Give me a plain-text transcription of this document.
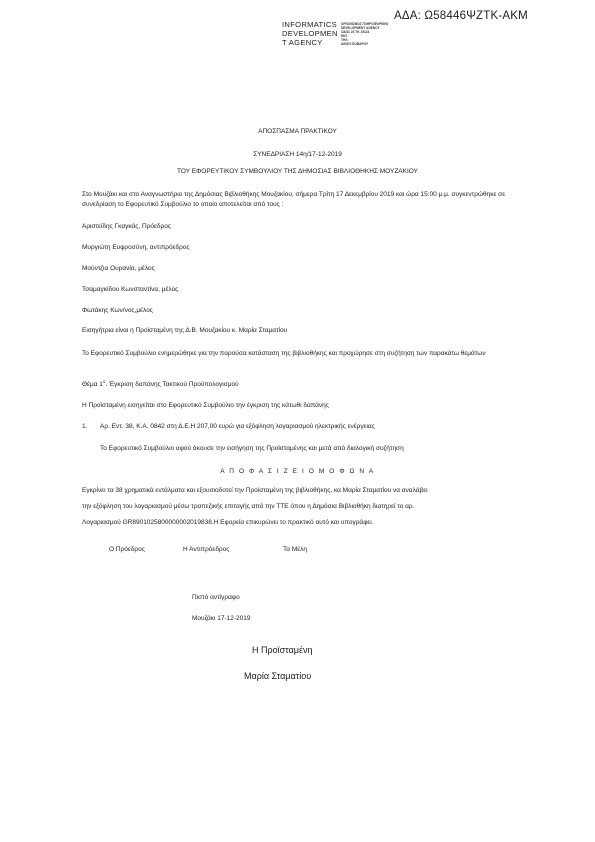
ΑΔΑ: Ω58446ΨΖΤΚ-ΑΚΜ
INFORMATICS
DEVELOPMEN
T AGENCY
ΟΡΓΑΝΙΣΜΟΣ ΠΛΗΡΟΦΟΡΙΚΗΣ
DEVELOPMENT AGENCY
ΟΔΟΣ 23 ΤΚ 15123
ΕΚΣ
ΤΗΛ:
Δ/ΝΣΗ ΙΣΟΒΑΡΟΥ
ΑΠΟΣΠΑΣΜΑ ΠΡΑΚΤΙΚΟΥ
ΣΥΝΕΔΡΙΑΣΗ 14η/17-12-2019
ΤΟΥ ΕΦΟΡΕΥΤΙΚΟΥ ΣΥΜΒΟΥΛΙΟΥ ΤΗΣ ΔΗΜΟΣΙΑΣ ΒΙΒΛΙΟΘΗΚΗΣ ΜΟΥΖΑΚΙΟΥ
Στο Μουζάκι και στο Αναγνωστήριο της Δημόσιας Βιβλιοθήκης Μουζακίου, σήμερα Τρίτη 17 Δεκεμβρίου 2019 και ώρα 15:00 μ.μ. συγκεντρώθηκε σε συνεδρίαση το Εφορευτικό Συμβούλιο το οποίο αποτελείται από τους :
Αριστείδης Γκαγκάς, Πρόεδρος
Μυργιώτη Ευφροσύνη, αντιπρόεδρος
Μούντζια Ουρανία, μέλος
Τσαμαγκίδου Κωνσταντίνα, μέλος
Φωτάκης Κων/νος,μέλος
Εισηγήτρια είναι η Προϊσταμένη της Δ.Β. Μουζακίου κ. Μαρία Σταματίου
Το Εφορευτικό Συμβούλιο ενημερώθηκε για την παρούσα κατάσταση της βιβλιοθήκης και προχώρησε στη συζήτηση των παρακάτω θεμάτων
Θέμα $1^o$. Έγκριση δαπάνης Τακτικού Προϋπολογισμού
Η Προϊσταμένη εισηγείται στο Εφορευτικό Συμβούλιο την έγκριση της κάτωθι δαπάνης
1. Αρ. Εντ. 38, Κ.Α. 0842 στη Δ.Ε.Η 207,00 ευρώ για εξόφληση λογαριασμού ηλεκτρικής ενέργειας
Το Εφορευτικό Συμβούλιο αφού άκουσε την εισήγηση της Προϊσταμένης και μετά από διαλογική συζήτηση
Α Π Ο Φ Α Σ Ι Ζ Ε Ι Ο Μ Ο Φ Ω Ν Α
Εγκρίνει τα 38 χρηματικά εντάλματα και εξουσιοδοτεί την Προϊσταμένη της βιβλιοθήκης, κα Μαρία Σταματίου να αναλάβει
την εξόφληση του λογαριασμού μέσω τραπεζικής επιταγής από την ΤΤΕ όπου η Δημόσια Βιβλιοθήκη διατηρεί το αρ.
Λογαριασμού GR8901025800000002019838.Η Εφορεία επικυρώνει το πρακτικό αυτό και υπογράφει.
Ο Πρόεδρος	Η Αντιπρόεδρος	Τα Μέλη
Πιστό αντίγραφο
Μουζάκι 17-12-2019
Η Προϊσταμένη
Μαρία Σταματίου
